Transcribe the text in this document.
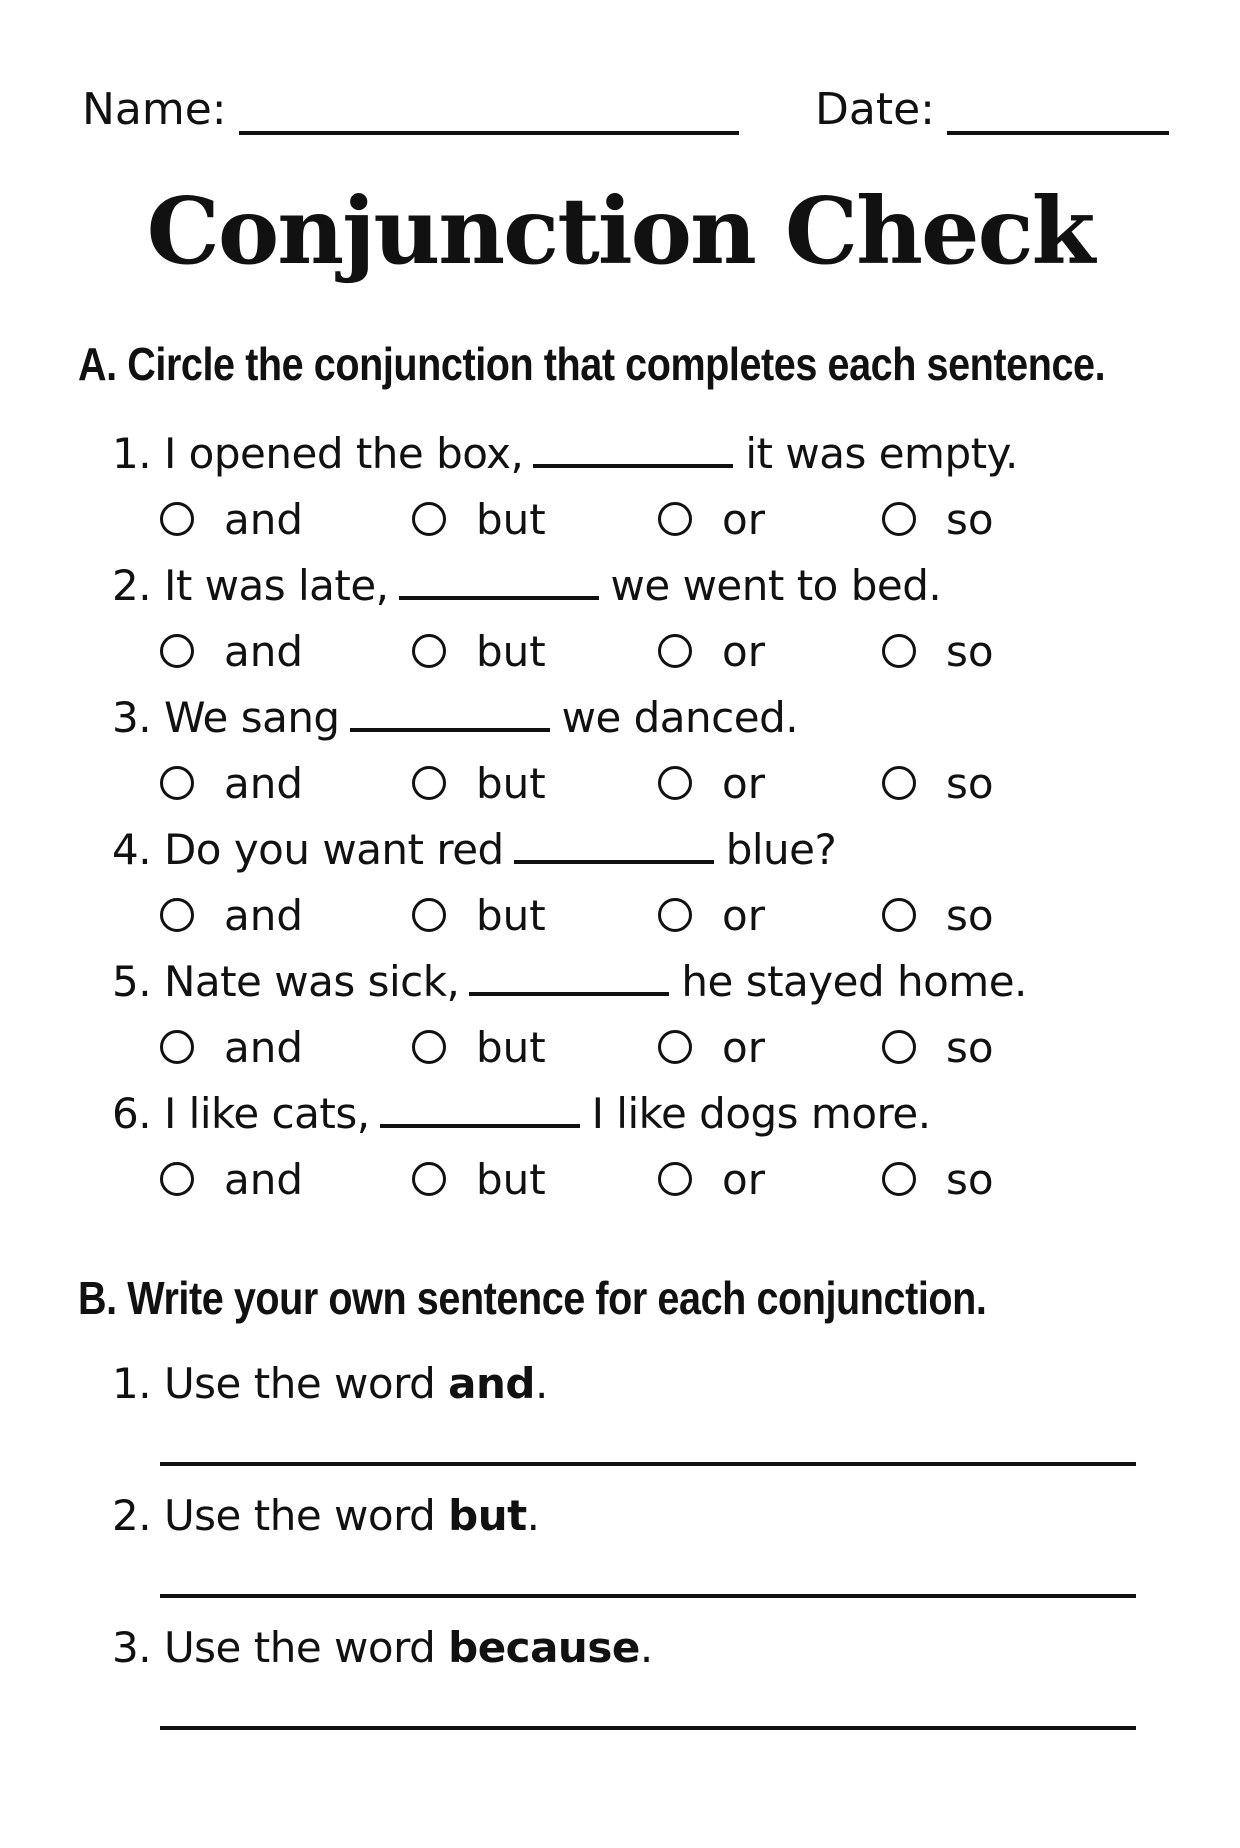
Name:	Date:
Conjunction Check
A. Circle the conjunction that completes each sentence.
1. I opened the box,	it was empty.
and	but	or	so
2. It was late,	we went to bed.
and	but	or	so
3. We sang	we danced.
and	but	or	so
4. Do you want red	blue?
and	but	or	so
5. Nate was sick,	he stayed home.
and	but	or	so
6. I like cats,	I like dogs more.
and	but	or	so
B. Write your own sentence for each conjunction.
1. Use the word and.
2. Use the word but.
3. Use the word because.
